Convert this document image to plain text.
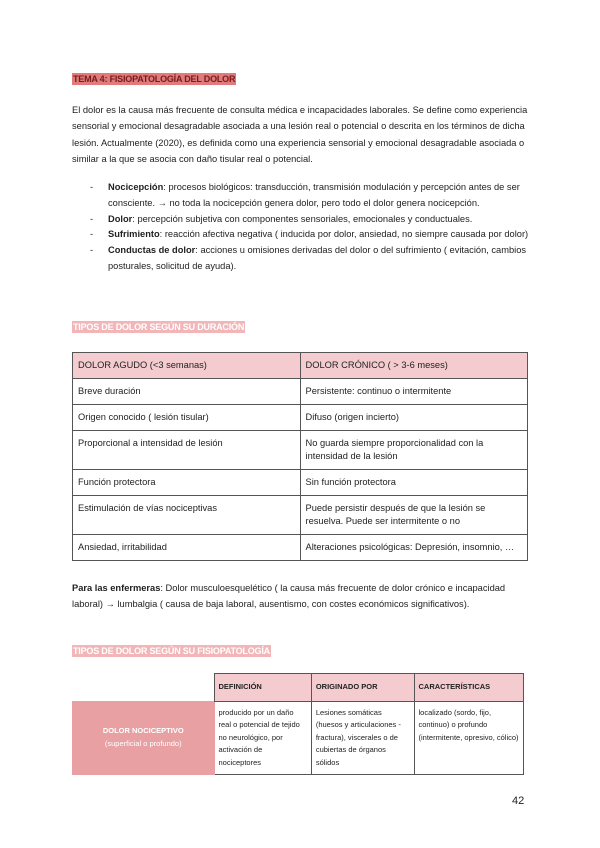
TEMA 4: FISIOPATOLOGÍA DEL DOLOR
El dolor es la causa más frecuente de consulta médica e incapacidades laborales. Se define como experiencia sensorial y emocional desagradable asociada a una lesión real o potencial o descrita en los términos de dicha lesión. Actualmente (2020), es definida como una experiencia sensorial y emocional desagradable asociada o similar a la que se asocia con daño tisular real o potencial.
- Nocicepción: procesos biológicos: transducción, transmisión modulación y percepción antes de ser consciente. → no toda la nocicepción genera dolor, pero todo el dolor genera nocicepción.
- Dolor: percepción subjetiva con componentes sensoriales, emocionales y conductuales.
- Sufrimiento: reacción afectiva negativa ( inducida por dolor, ansiedad, no siempre causada por dolor)
- Conductas de dolor: acciones u omisiones derivadas del dolor o del sufrimiento ( evitación, cambios posturales, solicitud de ayuda).
TIPOS DE DOLOR SEGÚN SU DURACIÓN
DOLOR AGUDO (<3 semanas)	DOLOR CRÓNICO ( > 3-6 meses)
Breve duración	Persistente: continuo o intermitente
Origen conocido ( lesión tisular)	Difuso (origen incierto)
Proporcional a intensidad de lesión	No guarda siempre proporcionalidad con la intensidad de la lesión
Función protectora	Sin función protectora
Estimulación de vías nociceptivas	Puede persistir después de que la lesión se resuelva. Puede ser intermitente o no
Ansiedad, irritabilidad	Alteraciones psicológicas: Depresión, insomnio, …
Para las enfermeras: Dolor musculoesquelético ( la causa más frecuente de dolor crónico e incapacidad laboral) → lumbalgia ( causa de baja laboral, ausentismo, con costes económicos significativos).
TIPOS DE DOLOR SEGÚN SU FISIOPATOLOGÍA
	DEFINICIÓN	ORIGINADO POR	CARACTERÍSTICAS

DOLOR NOCICEPTIVO
(superficial o profundo)	producido por un daño real o potencial de tejido no neurológico, por activación de nociceptores	Lesiones somáticas (huesos y articulaciones - fractura), viscerales o de cubiertas de órganos sólidos	localizado (sordo, fijo, continuo) o profundo (intermitente, opresivo, cólico)
42
